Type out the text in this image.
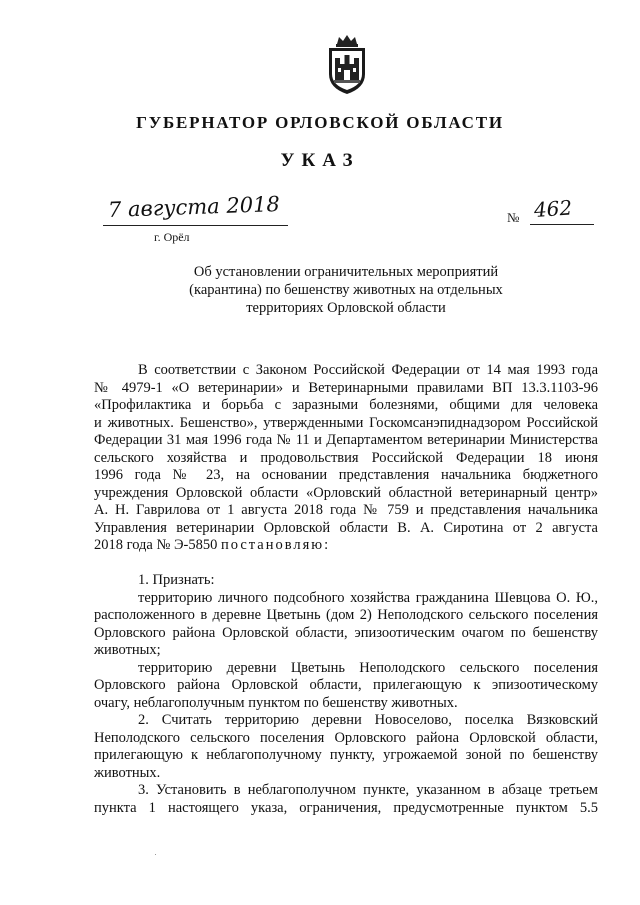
ГУБЕРНАТОР ОРЛОВСКОЙ ОБЛАСТИ
УКАЗ
7 августа 2018
г. Орёл
№ 462
Об установлении ограничительных мероприятий
(карантина) по бешенству животных на отдельных
территориях Орловской области
В соответствии с Законом Российской Федерации от 14 мая 1993 года
№ 4979-1 «О ветеринарии» и Ветеринарными правилами ВП 13.3.1103-96
«Профилактика и борьба с заразными болезнями, общими для человека
и животных. Бешенство», утвержденными Госкомсанэпиднадзором Российской
Федерации 31 мая 1996 года № 11 и Департаментом ветеринарии Министерства
сельского хозяйства и продовольствия Российской Федерации 18 июня
1996 года № 23, на основании представления начальника бюджетного
учреждения Орловской области «Орловский областной ветеринарный центр»
А. Н. Гаврилова от 1 августа 2018 года № 759 и представления начальника
Управления ветеринарии Орловской области В. А. Сиротина от 2 августа
2018 года № Э-5850 постановляю:
1. Признать:
территорию личного подсобного хозяйства гражданина Шевцова О. Ю.,
расположенного в деревне Цветынь (дом 2) Неполодского сельского поселения
Орловского района Орловской области, эпизоотическим очагом по бешенству
животных;
территорию деревни Цветынь Неполодского сельского поселения
Орловского района Орловской области, прилегающую к эпизоотическому
очагу, неблагополучным пунктом по бешенству животных.
2. Считать территорию деревни Новоселово, поселка Вязковский
Неполодского сельского поселения Орловского района Орловской области,
прилегающую к неблагополучному пункту, угрожаемой зоной по бешенству
животных.
3. Установить в неблагополучном пункте, указанном в абзаце третьем
пункта 1 настоящего указа, ограничения, предусмотренные пунктом 5.5
